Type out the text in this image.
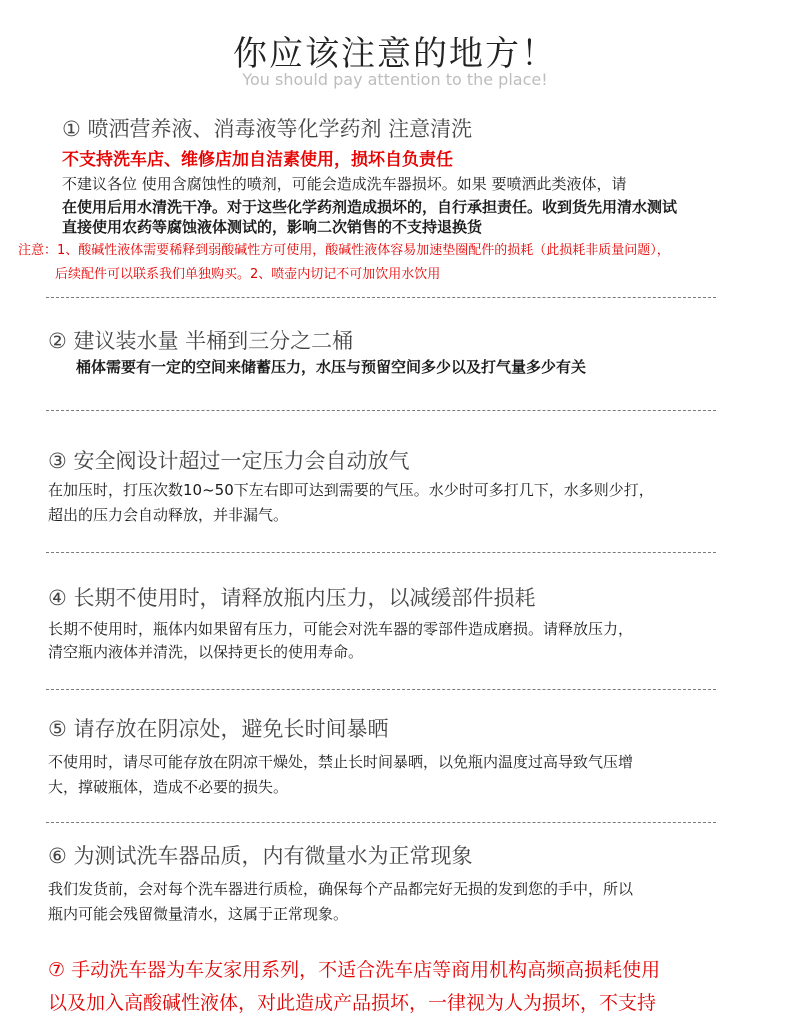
你应该注意的地方！
You should pay attention to the place!
① 喷洒营养液、消毒液等化学药剂 注意清洗
不支持洗车店、维修店加自洁素使用，损坏自负责任
不建议各位 使用含腐蚀性的喷剂，可能会造成洗车器损坏。如果 要喷洒此类液体，请
在使用后用水清洗干净。对于这些化学药剂造成损坏的，自行承担责任。收到货先用清水测试
直接使用农药等腐蚀液体测试的，影响二次销售的不支持退换货
注意：1、酸碱性液体需要稀释到弱酸碱性方可使用，酸碱性液体容易加速垫圈配件的损耗（此损耗非质量问题），
后续配件可以联系我们单独购买。2、喷壶内切记不可加饮用水饮用
② 建议装水量 半桶到三分之二桶
桶体需要有一定的空间来储蓄压力，水压与预留空间多少以及打气量多少有关
③ 安全阀设计超过一定压力会自动放气
在加压时，打压次数10~50下左右即可达到需要的气压。水少时可多打几下，水多则少打，
超出的压力会自动释放，并非漏气。
④ 长期不使用时，请释放瓶内压力，以减缓部件损耗
长期不使用时，瓶体内如果留有压力，可能会对洗车器的零部件造成磨损。请释放压力，
清空瓶内液体并清洗，以保持更长的使用寿命。
⑤ 请存放在阴凉处，避免长时间暴晒
不使用时，请尽可能存放在阴凉干燥处，禁止长时间暴晒，以免瓶内温度过高导致气压增
大，撑破瓶体，造成不必要的损失。
⑥ 为测试洗车器品质，内有微量水为正常现象
我们发货前，会对每个洗车器进行质检，确保每个产品都完好无损的发到您的手中，所以
瓶内可能会残留微量清水，这属于正常现象。
⑦ 手动洗车器为车友家用系列，不适合洗车店等商用机构高频高损耗使用
以及加入高酸碱性液体，对此造成产品损坏，一律视为人为损坏，不支持
